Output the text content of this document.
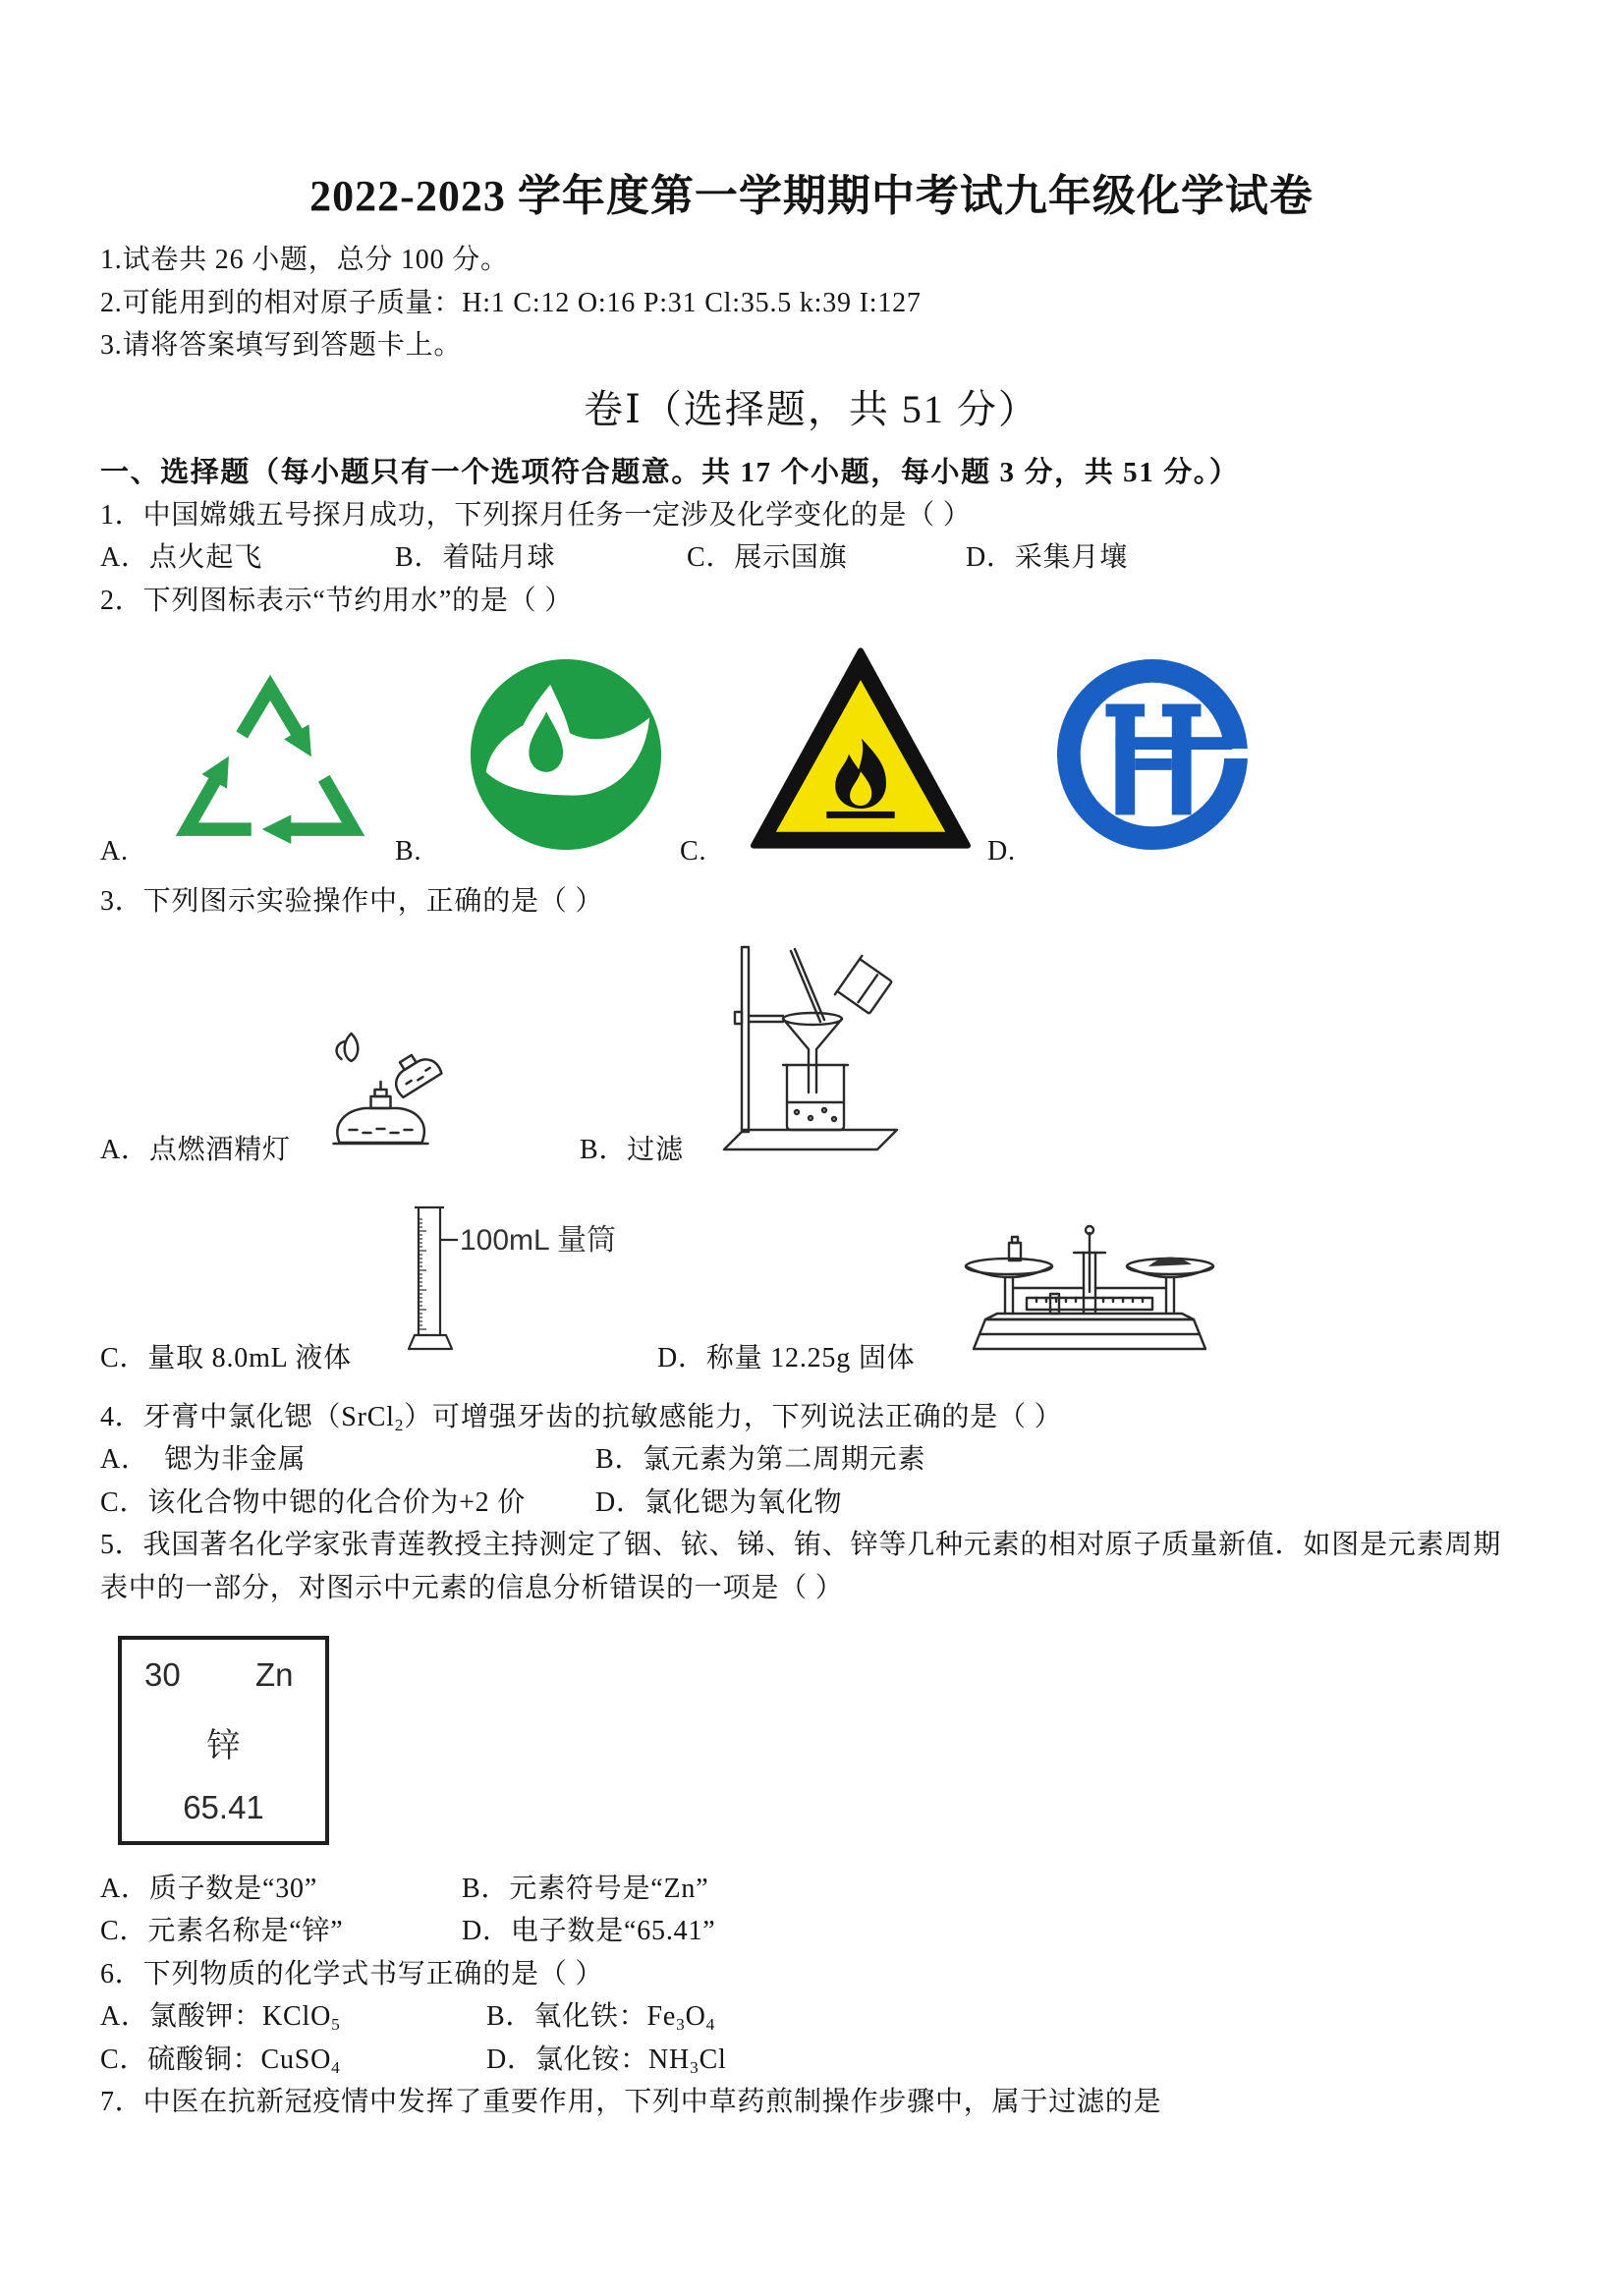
2022-2023 学年度第一学期期中考试九年级化学试卷
1.试卷共 26 小题，总分 100 分。
2.可能用到的相对原子质量：H:1 C:12 O:16 P:31 Cl:35.5 k:39 I:127
3.请将答案填写到答题卡上。
卷Ⅰ（选择题，共 51 分）
一、选择题（每小题只有一个选项符合题意。共 17 个小题，每小题 3 分，共 51 分。）
1．中国嫦娥五号探月成功，下列探月任务一定涉及化学变化的是（ ）
A．点火起飞	B．着陆月球	C．展示国旗	D．采集月壤
2．下列图标表示“节约用水”的是（ ）
A.	B.	C.	D.
3．下列图示实验操作中，正确的是（ ）
A．点燃酒精灯	B．过滤
100mL 量筒
C．量取 8.0mL 液体	D．称量 12.25g 固体
4．牙膏中氯化锶（SrCl$_2$）可增强牙齿的抗敏感能力，下列说法正确的是（ ）
A．  锶为非金属	B．氯元素为第二周期元素
C．该化合物中锶的化合价为+2 价	D．氯化锶为氧化物
5．我国著名化学家张青莲教授主持测定了铟、铱、锑、铕、锌等几种元素的相对原子质量新值．如图是元素周期
表中的一部分，对图示中元素的信息分析错误的一项是（ ）
30 Zn
锌
65.41
A．质子数是“30”	B．元素符号是“Zn”
C．元素名称是“锌”	D．电子数是“65.41”
6．下列物质的化学式书写正确的是（ ）
A．氯酸钾：KClO$_5$	B．氧化铁：$Fe_3O_4$
C．硫酸铜：CuSO$_4$	D．氯化铵：$NH_3Cl$
7．中医在抗新冠疫情中发挥了重要作用，下列中草药煎制操作步骤中，属于过滤的是
